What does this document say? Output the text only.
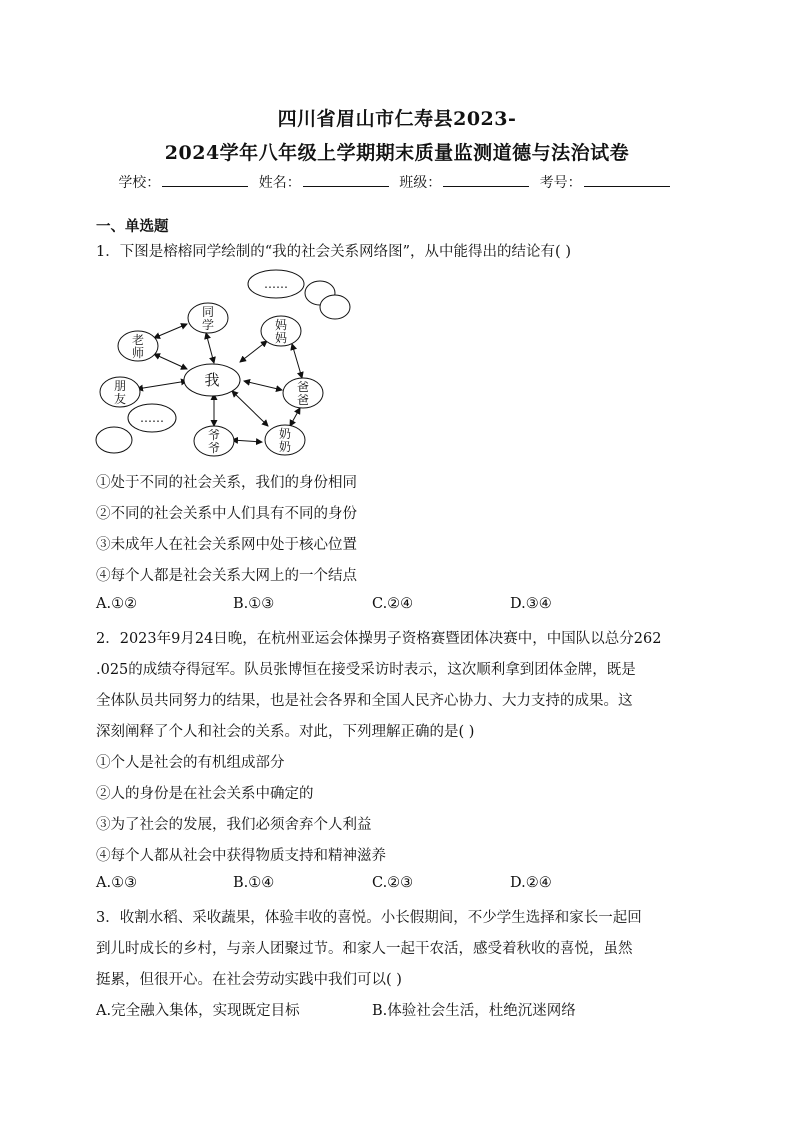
四川省眉山市仁寿县2023-
2024学年八年级上学期期末质量监测道德与法治试卷
学校：	姓名：	班级：	考号：
一、单选题
1．下图是榕榕同学绘制的“我的社会关系网络图”，从中能得出的结论有( )
我
同
学
老
师
朋
友
妈
妈
爸
爸
奶
奶
爷
爷
……
……
①处于不同的社会关系，我们的身份相同
②不同的社会关系中人们具有不同的身份
③未成年人在社会关系网中处于核心位置
④每个人都是社会关系大网上的一个结点
A.①②	B.①③	C.②④	D.③④
2．2023年9月24日晚，在杭州亚运会体操男子资格赛暨团体决赛中，中国队以总分262
.025的成绩夺得冠军。队员张博恒在接受采访时表示，这次顺利拿到团体金牌，既是
全体队员共同努力的结果，也是社会各界和全国人民齐心协力、大力支持的成果。这
深刻阐释了个人和社会的关系。对此，下列理解正确的是( )
①个人是社会的有机组成部分
②人的身份是在社会关系中确定的
③为了社会的发展，我们必须舍弃个人利益
④每个人都从社会中获得物质支持和精神滋养
A.①③	B.①④	C.②③	D.②④
3．收割水稻、采收蔬果，体验丰收的喜悦。小长假期间，不少学生选择和家长一起回
到儿时成长的乡村，与亲人团聚过节。和家人一起干农活，感受着秋收的喜悦，虽然
挺累，但很开心。在社会劳动实践中我们可以( )
A.完全融入集体，实现既定目标	B.体验社会生活，杜绝沉迷网络
